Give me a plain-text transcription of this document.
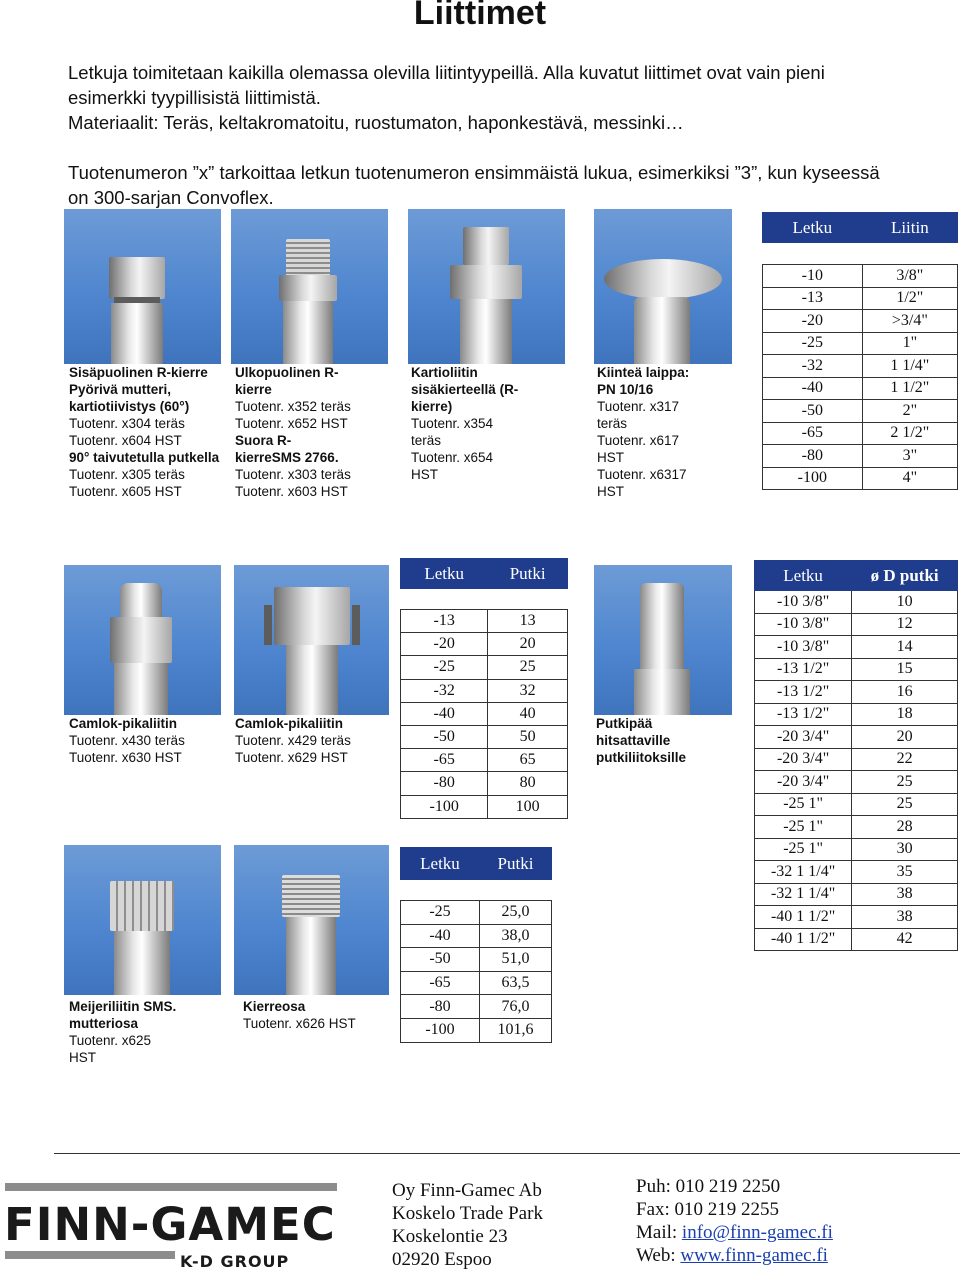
Liittimet
Letkuja toimitetaan kaikilla olemassa olevilla liitintyypeillä. Alla kuvatut liittimet ovat vain pieni
esimerkki tyypillisistä liittimistä.
Materiaalit: Teräs, keltakromatoitu, ruostumaton, haponkestävä, messinki…
Tuotenumeron ”x” tarkoittaa letkun tuotenumeron ensimmäistä lukua, esimerkiksi ”3”, kun kyseessä
on 300-sarjan Convoflex.
Sisäpuolinen R-kierre
Pyörivä mutteri,
kartiotiivistys (60°)
Tuotenr. x304 teräs
Tuotenr. x604 HST
90° taivutetulla putkella
Tuotenr. x305 teräs
Tuotenr. x605 HST
Ulkopuolinen R-
kierre
Tuotenr. x352 teräs
Tuotenr. x652 HST
Suora R-
kierreSMS 2766.
Tuotenr. x303 teräs
Tuotenr. x603 HST
Kartioliitin
sisäkierteellä (R-
kierre)
Tuotenr. x354
teräs
Tuotenr. x654
HST
Kiinteä laippa:
PN 10/16
Tuotenr. x317
teräs
Tuotenr. x617
HST
Tuotenr. x6317
HST
Letku	Liitin

-10	3/8"
-13	1/2"
-20	>3/4"
-25	1"
-32	1 1/4"
-40	1 1/2"
-50	2"
-65	2 1/2"
-80	3"
-100	4"
Camlok-pikaliitin
Tuotenr. x430 teräs
Tuotenr. x630 HST
Camlok-pikaliitin
Tuotenr. x429 teräs
Tuotenr. x629 HST
Putkipää
hitsattaville
putkiliitoksille
Meijeriliitin SMS.
mutteriosa
Tuotenr. x625
HST
Kierreosa
Tuotenr. x626 HST
Letku	Putki

-13	13
-20	20
-25	25
-32	32
-40	40
-50	50
-65	65
-80	80
-100	100
Letku	Putki

-25	25,0
-40	38,0
-50	51,0
-65	63,5
-80	76,0
-100	101,6
Letku	ø D putki
-10 3/8"	10
-10 3/8"	12
-10 3/8"	14
-13 1/2"	15
-13 1/2"	16
-13 1/2"	18
-20 3/4"	20
-20 3/4"	22
-20 3/4"	25
-25 1"	25
-25 1"	28
-25 1"	30
-32 1 1/4"	35
-32 1 1/4"	38
-40 1 1/2"	38
-40 1 1/2"	42
FINN-GAMEC
K-D GROUP
Oy Finn-Gamec Ab
Koskelo Trade Park
Koskelontie 23
02920 Espoo
Puh: 010 219 2250
Fax: 010 219 2255
Mail: info@finn-gamec.fi
Web: www.finn-gamec.fi
